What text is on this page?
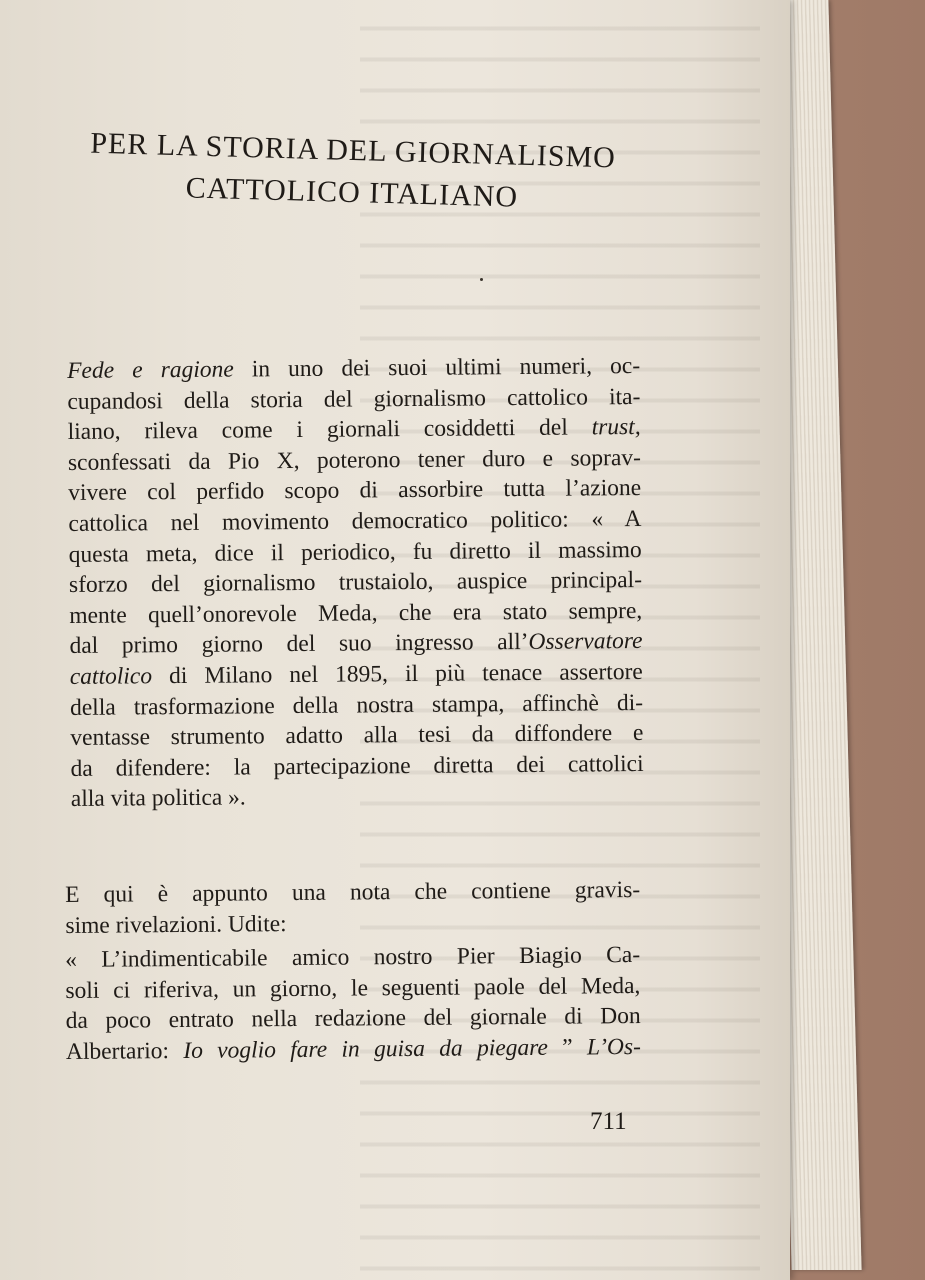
PER LA STORIA DEL GIORNALISMO
CATTOLICO ITALIANO
Fede e ragione in uno dei suoi ultimi numeri, oc-
cupandosi della storia del giornalismo cattolico ita-
liano, rileva come i giornali cosiddetti del trust,
sconfessati da Pio X, poterono tener duro e soprav-
vivere col perfido scopo di assorbire tutta l’azione
cattolica nel movimento democratico politico: « A
questa meta, dice il periodico, fu diretto il massimo
sforzo del giornalismo trustaiolo, auspice principal-
mente quell’onorevole Meda, che era stato sempre,
dal primo giorno del suo ingresso all’Osservatore
cattolico di Milano nel 1895, il più tenace assertore
della trasformazione della nostra stampa, affinchè di-
ventasse strumento adatto alla tesi da diffondere e
da difendere: la partecipazione diretta dei cattolici
alla vita politica ».
E qui è appunto una nota che contiene gravis-
sime rivelazioni. Udite:
« L’indimenticabile amico nostro Pier Biagio Ca-
soli ci riferiva, un giorno, le seguenti paole del Meda,
da poco entrato nella redazione del giornale di Don
Albertario: Io voglio fare in guisa da piegare ” L’Os-
711
